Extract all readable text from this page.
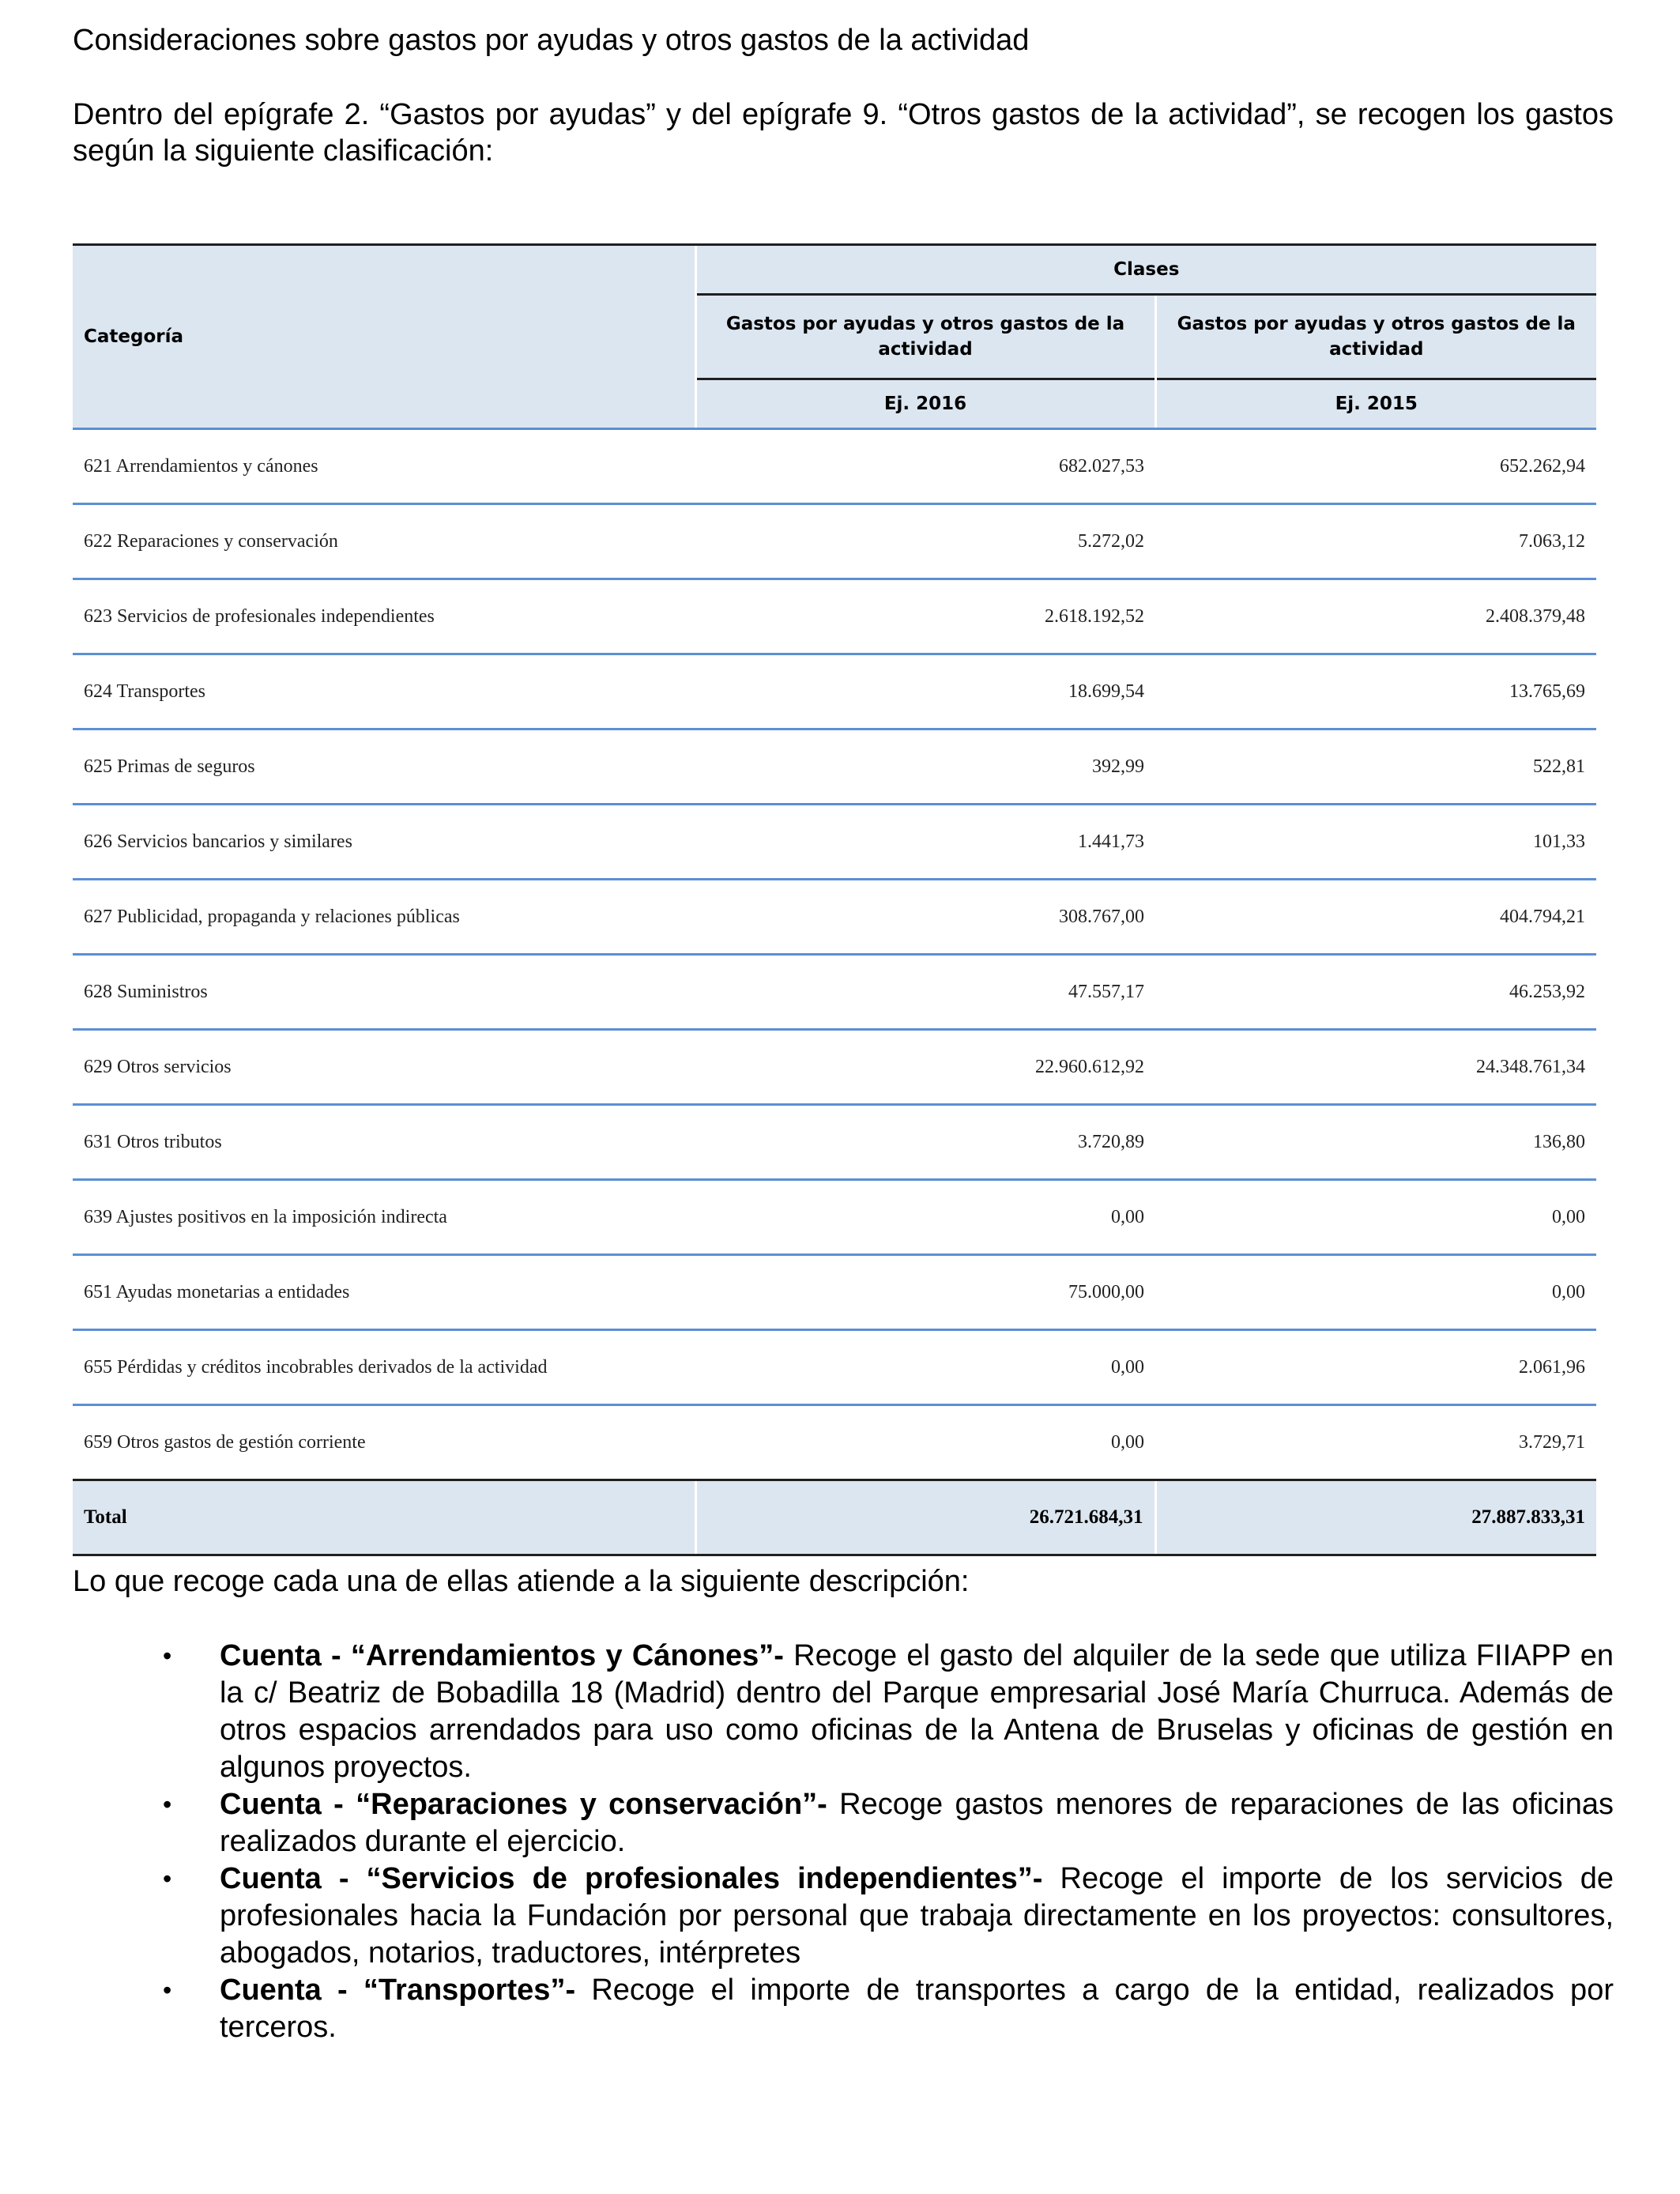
Consideraciones sobre gastos por ayudas y otros gastos de la actividad

Dentro del epígrafe 2. “Gastos por ayudas” y del epígrafe 9. “Otros gastos de la actividad”, se recogen los gastos según la siguiente clasificación:

Categoría	Clases	
	Gastos por ayudas y otros gastos de la actividad	Gastos por ayudas y otros gastos de la actividad
	Ej. 2016	Ej. 2015
621 Arrendamientos y cánones	682.027,53	652.262,94
622 Reparaciones y conservación	5.272,02	7.063,12
623 Servicios de profesionales independientes	2.618.192,52	2.408.379,48
624 Transportes	18.699,54	13.765,69
625 Primas de seguros	392,99	522,81
626 Servicios bancarios y similares	1.441,73	101,33
627 Publicidad, propaganda y relaciones públicas	308.767,00	404.794,21
628 Suministros	47.557,17	46.253,92
629 Otros servicios	22.960.612,92	24.348.761,34
631 Otros tributos	3.720,89	136,80
639 Ajustes positivos en la imposición indirecta	0,00	0,00
651 Ayudas monetarias a entidades	75.000,00	0,00
655 Pérdidas y créditos incobrables derivados de la actividad	0,00	2.061,96
659 Otros gastos de gestión corriente	0,00	3.729,71
Total	26.721.684,31	27.887.833,31

Lo que recoge cada una de ellas atiende a la siguiente descripción:

• Cuenta - “Arrendamientos y Cánones”- Recoge el gasto del alquiler de la sede que utiliza FIIAPP en la c/ Beatriz de Bobadilla 18 (Madrid) dentro del Parque empresarial José María Churruca. Además de otros espacios arrendados para uso como oficinas de la Antena de Bruselas y oficinas de gestión en algunos proyectos.
• Cuenta - “Reparaciones y conservación”- Recoge gastos menores de reparaciones de las oficinas realizados durante el ejercicio.
• Cuenta - “Servicios de profesionales independientes”- Recoge el importe de los servicios de profesionales hacia la Fundación por personal que trabaja directamente en los proyectos: consultores, abogados, notarios, traductores, intérpretes
• Cuenta - “Transportes”- Recoge el importe de transportes a cargo de la entidad, realizados por terceros.
